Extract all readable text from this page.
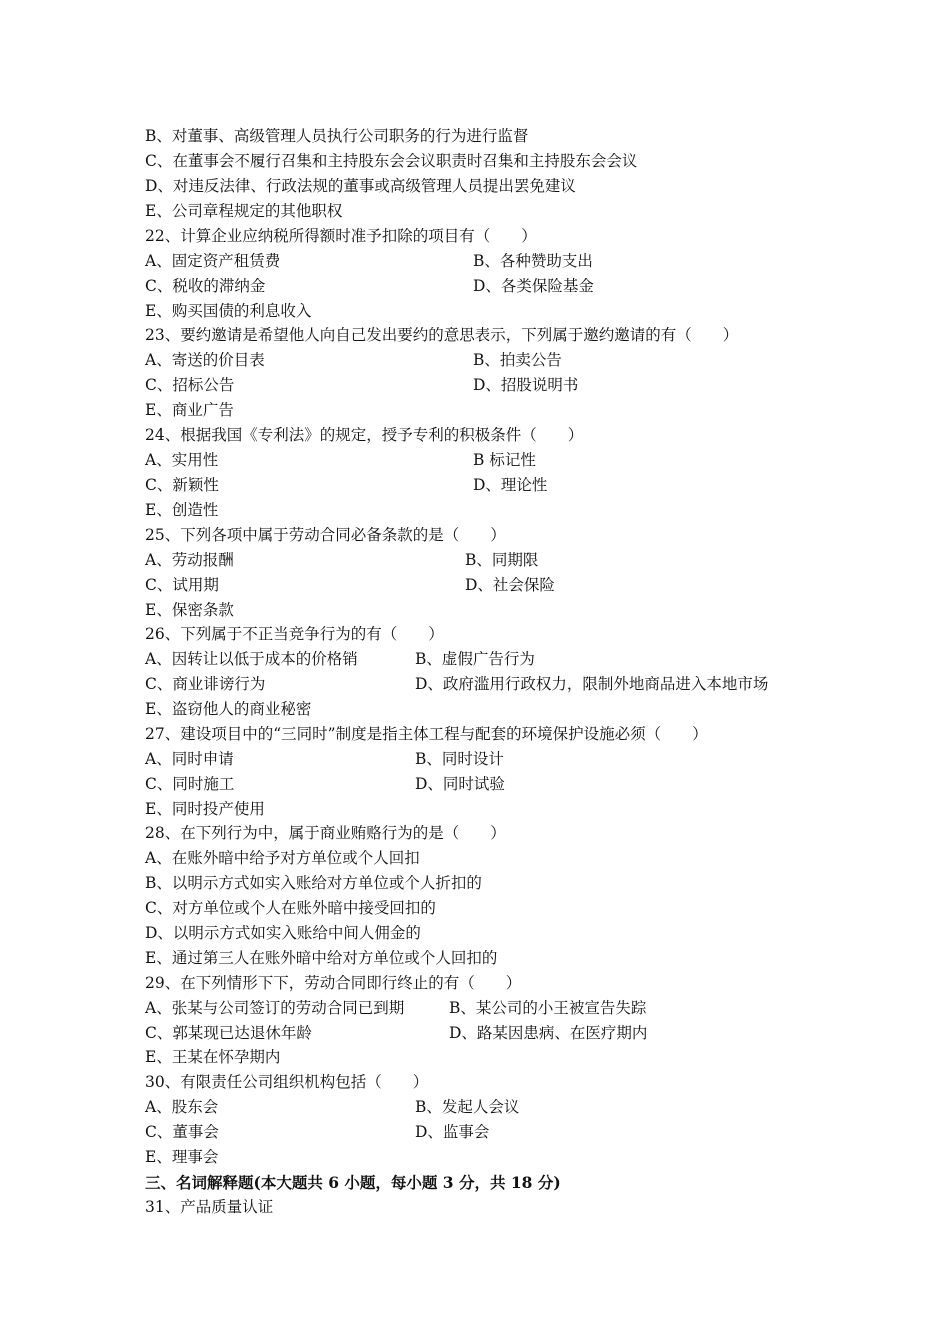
B、对董事、高级管理人员执行公司职务的行为进行监督
C、在董事会不履行召集和主持股东会会议职责时召集和主持股东会会议
D、对违反法律、行政法规的董事或高级管理人员提出罢免建议
E、公司章程规定的其他职权
22、计算企业应纳税所得额时准予扣除的项目有（　　）
A、固定资产租赁费	B、各种赞助支出
C、税收的滞纳金	D、各类保险基金
E、购买国债的利息收入
23、要约邀请是希望他人向自己发出要约的意思表示，下列属于邀约邀请的有（　　）
A、寄送的价目表	B、拍卖公告
C、招标公告	D、招股说明书
E、商业广告
24、根据我国《专利法》的规定，授予专利的积极条件（　　）
A、实用性	B 标记性
C、新颖性	D、理论性
E、创造性
25、下列各项中属于劳动合同必备条款的是（　　）
A、劳动报酬	B、同期限
C、试用期	D、社会保险
E、保密条款
26、下列属于不正当竞争行为的有（　　）
A、因转让以低于成本的价格销	B、虚假广告行为
C、商业诽谤行为	D、政府滥用行政权力，限制外地商品进入本地市场
E、盗窃他人的商业秘密
27、建设项目中的“三同时”制度是指主体工程与配套的环境保护设施必须（　　）
A、同时申请	B、同时设计
C、同时施工	D、同时试验
E、同时投产使用
28、在下列行为中，属于商业贿赂行为的是（　　）
A、在账外暗中给予对方单位或个人回扣
B、以明示方式如实入账给对方单位或个人折扣的
C、对方单位或个人在账外暗中接受回扣的
D、以明示方式如实入账给中间人佣金的
E、通过第三人在账外暗中给对方单位或个人回扣的
29、在下列情形下下，劳动合同即行终止的有（　　）
A、张某与公司签订的劳动合同已到期	B、某公司的小王被宣告失踪
C、郭某现已达退休年龄	D、路某因患病、在医疗期内
E、王某在怀孕期内
30、有限责任公司组织机构包括（　　）
A、股东会	B、发起人会议
C、董事会	D、监事会
E、理事会
三、名词解释题(本大题共 6 小题，每小题 3 分，共 18 分)
31、产品质量认证
